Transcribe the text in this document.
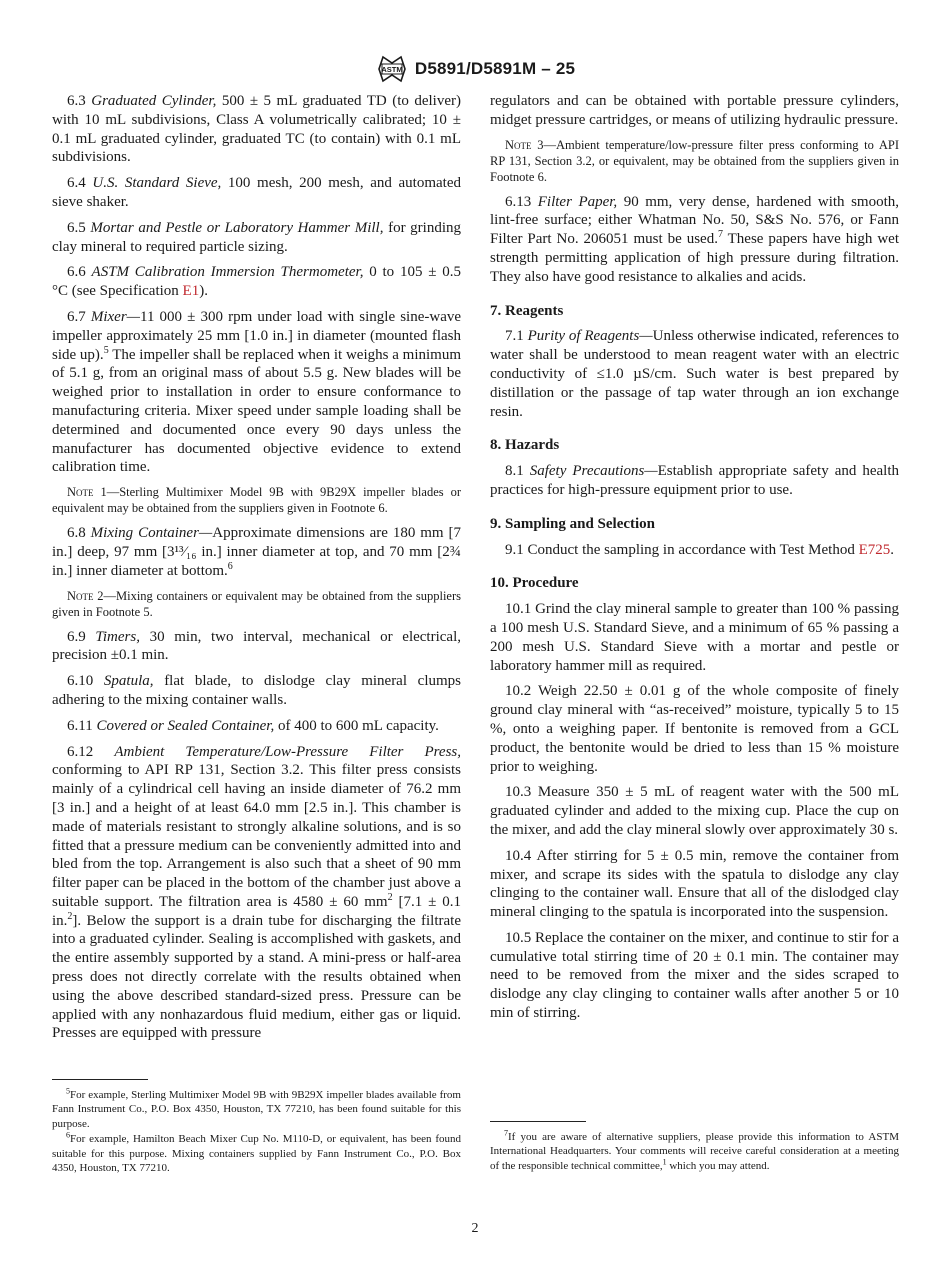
ASTM D5891/D5891M – 25

6.3 Graduated Cylinder, 500 ± 5 mL graduated TD (to deliver) with 10 mL subdivisions, Class A volumetrically calibrated; 10 ± 0.1 mL graduated cylinder, graduated TC (to contain) with 0.1 mL subdivisions.

6.4 U.S. Standard Sieve, 100 mesh, 200 mesh, and automated sieve shaker.

6.5 Mortar and Pestle or Laboratory Hammer Mill, for grinding clay mineral to required particle sizing.

6.6 ASTM Calibration Immersion Thermometer, 0 to 105 ± 0.5 °C (see Specification E1).

6.7 Mixer—11 000 ± 300 rpm under load with single sine-wave impeller approximately 25 mm [1.0 in.] in diameter (mounted flash side up).$^5$ The impeller shall be replaced when it weighs a minimum of 5.1 g, from an original mass of about 5.5 g. New blades will be weighed prior to installation in order to ensure conformance to manufacturing criteria. Mixer speed under sample loading shall be determined and documented once every 90 days unless the manufacturer has documented objective evidence to extend calibration time.

Note 1—Sterling Multimixer Model 9B with 9B29X impeller blades or equivalent may be obtained from the suppliers given in Footnote 6.

6.8 Mixing Container—Approximate dimensions are 180 mm [7 in.] deep, 97 mm [3¹³⁄₁₆ in.] inner diameter at top, and 70 mm [2¾ in.] inner diameter at bottom.$^6$

Note 2—Mixing containers or equivalent may be obtained from the suppliers given in Footnote 5.

6.9 Timers, 30 min, two interval, mechanical or electrical, precision ±0.1 min.

6.10 Spatula, flat blade, to dislodge clay mineral clumps adhering to the mixing container walls.

6.11 Covered or Sealed Container, of 400 to 600 mL capacity.

6.12 Ambient Temperature/Low-Pressure Filter Press, conforming to API RP 131, Section 3.2. This filter press consists mainly of a cylindrical cell having an inside diameter of 76.2 mm [3 in.] and a height of at least 64.0 mm [2.5 in.]. This chamber is made of materials resistant to strongly alkaline solutions, and is so fitted that a pressure medium can be conveniently admitted into and bled from the top. Arrangement is also such that a sheet of 90 mm filter paper can be placed in the bottom of the chamber just above a suitable support. The filtration area is 4580 ± 60 $mm^2$ [7.1 ± 0.1 in.$^2$]. Below the support is a drain tube for discharging the filtrate into a graduated cylinder. Sealing is accomplished with gaskets, and the entire assembly supported by a stand. A mini-press or half-area press does not directly correlate with the results obtained when using the above described standard-sized press. Pressure can be applied with any nonhazardous fluid medium, either gas or liquid. Presses are equipped with pressure

$^5$For example, Sterling Multimixer Model 9B with 9B29X impeller blades available from Fann Instrument Co., P.O. Box 4350, Houston, TX 77210, has been found suitable for this purpose.

$^6$For example, Hamilton Beach Mixer Cup No. M110-D, or equivalent, has been found suitable for this purpose. Mixing containers supplied by Fann Instrument Co., P.O. Box 4350, Houston, TX 77210.

regulators and can be obtained with portable pressure cylinders, midget pressure cartridges, or means of utilizing hydraulic pressure.

Note 3—Ambient temperature/low-pressure filter press conforming to API RP 131, Section 3.2, or equivalent, may be obtained from the suppliers given in Footnote 6.

6.13 Filter Paper, 90 mm, very dense, hardened with smooth, lint-free surface; either Whatman No. 50, S&S No. 576, or Fann Filter Part No. 206051 must be used.$^7$ These papers have high wet strength permitting application of high pressure during filtration. They also have good resistance to alkalies and acids.

7. Reagents

7.1 Purity of Reagents—Unless otherwise indicated, references to water shall be understood to mean reagent water with an electric conductivity of ≤1.0 µS/cm. Such water is best prepared by distillation or the passage of tap water through an ion exchange resin.

8. Hazards

8.1 Safety Precautions—Establish appropriate safety and health practices for high-pressure equipment prior to use.

9. Sampling and Selection

9.1 Conduct the sampling in accordance with Test Method E725.

10. Procedure

10.1 Grind the clay mineral sample to greater than 100 % passing a 100 mesh U.S. Standard Sieve, and a minimum of 65 % passing a 200 mesh U.S. Standard Sieve with a mortar and pestle or laboratory hammer mill as required.

10.2 Weigh 22.50 ± 0.01 g of the whole composite of finely ground clay mineral with “as-received” moisture, typically 5 to 15 %, onto a weighing paper. If bentonite is removed from a GCL product, the bentonite would be dried to less than 15 % moisture prior to weighing.

10.3 Measure 350 ± 5 mL of reagent water with the 500 mL graduated cylinder and added to the mixing cup. Place the cup on the mixer, and add the clay mineral slowly over approximately 30 s.

10.4 After stirring for 5 ± 0.5 min, remove the container from mixer, and scrape its sides with the spatula to dislodge any clay clinging to the container wall. Ensure that all of the dislodged clay mineral clinging to the spatula is incorporated into the suspension.

10.5 Replace the container on the mixer, and continue to stir for a cumulative total stirring time of 20 ± 0.1 min. The container may need to be removed from the mixer and the sides scraped to dislodge any clay clinging to container walls after another 5 or 10 min of stirring.

$^7$If you are aware of alternative suppliers, please provide this information to ASTM International Headquarters. Your comments will receive careful consideration at a meeting of the responsible technical committee,$^1$ which you may attend.

2
